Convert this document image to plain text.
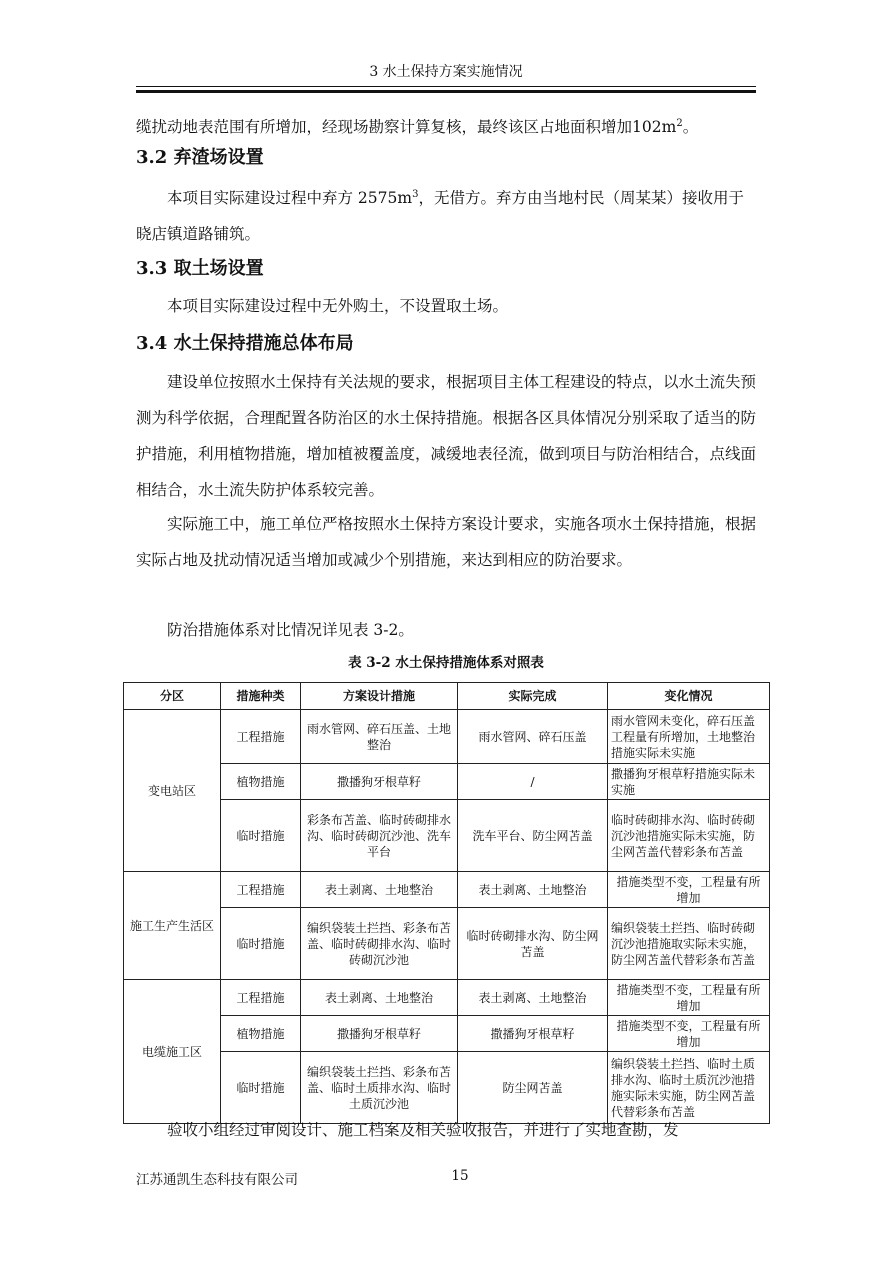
3 水土保持方案实施情况

缆扰动地表范围有所增加，经现场勘察计算复核，最终该区占地面积增加$102m^2$。

3.2 弃渣场设置

本项目实际建设过程中弃方 $2575m^3$，无借方。弃方由当地村民（周某某）接收用于晓店镇道路铺筑。

3.3 取土场设置

本项目实际建设过程中无外购土，不设置取土场。

3.4 水土保持措施总体布局

建设单位按照水土保持有关法规的要求，根据项目主体工程建设的特点，以水土流失预测为科学依据，合理配置各防治区的水土保持措施。根据各区具体情况分别采取了适当的防护措施，利用植物措施，增加植被覆盖度，减缓地表径流，做到项目与防治相结合，点线面相结合，水土流失防护体系较完善。

实际施工中，施工单位严格按照水土保持方案设计要求，实施各项水土保持措施，根据实际占地及扰动情况适当增加或减少个别措施，来达到相应的防治要求。

防治措施体系对比情况详见表 3-2。

表 3-2 水土保持措施体系对照表
分区	措施种类	方案设计措施	实际完成	变化情况
变电站区	工程措施	雨水管网、碎石压盖、土地整治	雨水管网、碎石压盖	雨水管网未变化，碎石压盖工程量有所增加，土地整治措施实际未实施
	植物措施	撒播狗牙根草籽	/	撒播狗牙根草籽措施实际未实施
	临时措施	彩条布苫盖、临时砖砌排水沟、临时砖砌沉沙池、洗车平台	洗车平台、防尘网苫盖	临时砖砌排水沟、临时砖砌沉沙池措施实际未实施，防尘网苫盖代替彩条布苫盖
施工生产生活区	工程措施	表土剥离、土地整治	表土剥离、土地整治	措施类型不变，工程量有所增加
	临时措施	编织袋装土拦挡、彩条布苫盖、临时砖砌排水沟、临时砖砌沉沙池	临时砖砌排水沟、防尘网苫盖	编织袋装土拦挡、临时砖砌沉沙池措施取实际未实施，防尘网苫盖代替彩条布苫盖
电缆施工区	工程措施	表土剥离、土地整治	表土剥离、土地整治	措施类型不变，工程量有所增加
	植物措施	撒播狗牙根草籽	撒播狗牙根草籽	措施类型不变，工程量有所增加
	临时措施	编织袋装土拦挡、彩条布苫盖、临时土质排水沟、临时土质沉沙池	防尘网苫盖	编织袋装土拦挡、临时土质排水沟、临时土质沉沙池措施实际未实施，防尘网苫盖代替彩条布苫盖

验收小组经过审阅设计、施工档案及相关验收报告，并进行了实地查勘，发

江苏通凯生态科技有限公司	15
